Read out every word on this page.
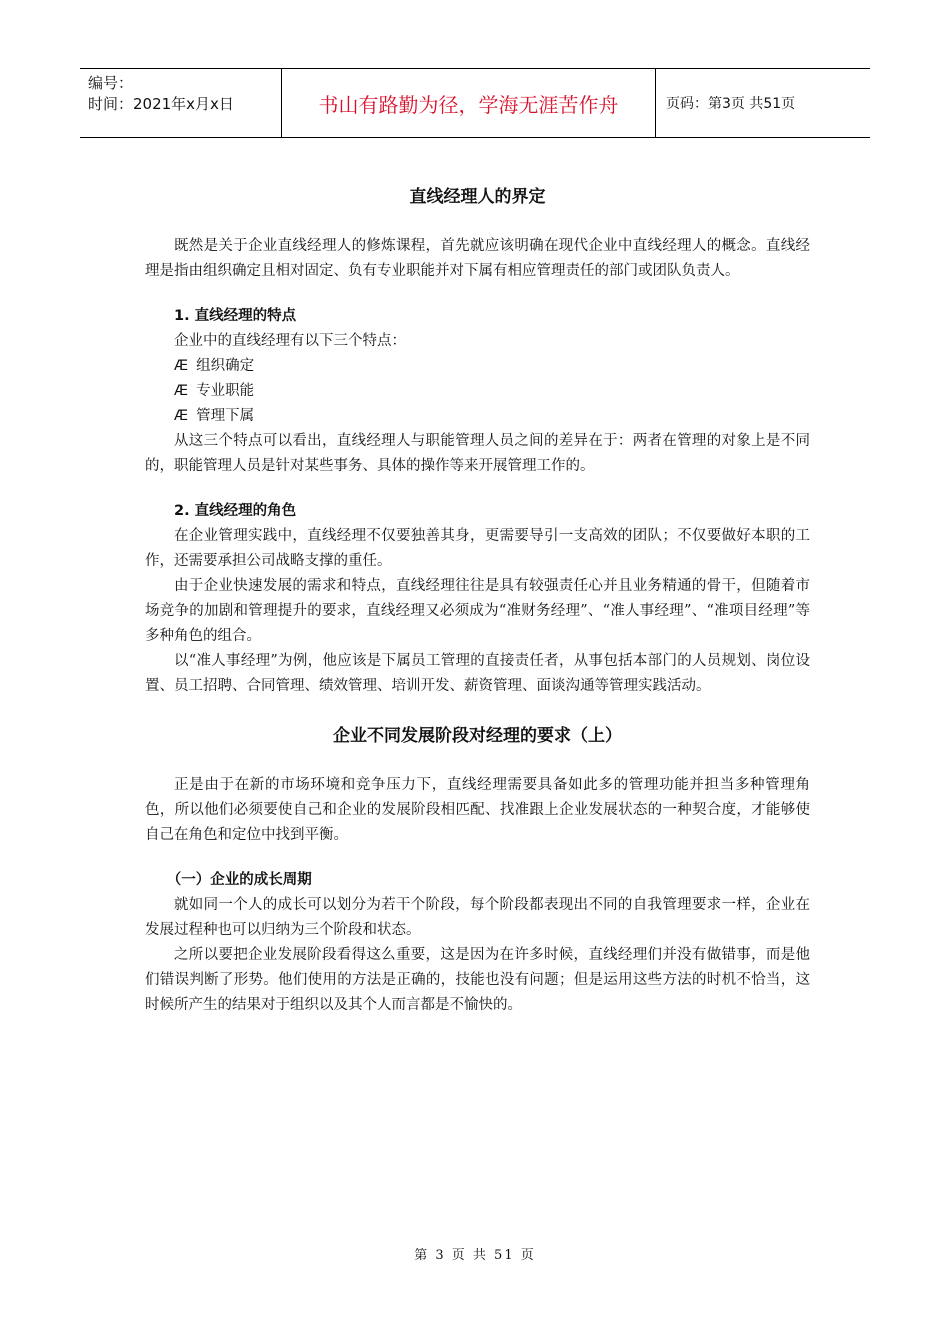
编号：
时间：2021年x月x日	书山有路勤为径，学海无涯苦作舟	页码：第3页 共51页
直线经理人的界定

既然是关于企业直线经理人的修炼课程，首先就应该明确在现代企业中直线经理人的概念。直线经理是指由组织确定且相对固定、负有专业职能并对下属有相应管理责任的部门或团队负责人。

1. 直线经理的特点

企业中的直线经理有以下三个特点：

Æ 组织确定

Æ 专业职能

Æ 管理下属

从这三个特点可以看出，直线经理人与职能管理人员之间的差异在于：两者在管理的对象上是不同的，职能管理人员是针对某些事务、具体的操作等来开展管理工作的。

2. 直线经理的角色

在企业管理实践中，直线经理不仅要独善其身，更需要导引一支高效的团队；不仅要做好本职的工作，还需要承担公司战略支撑的重任。

由于企业快速发展的需求和特点，直线经理往往是具有较强责任心并且业务精通的骨干，但随着市场竞争的加剧和管理提升的要求，直线经理又必须成为“准财务经理”、“准人事经理”、“准项目经理”等多种角色的组合。

以“准人事经理”为例，他应该是下属员工管理的直接责任者，从事包括本部门的人员规划、岗位设置、员工招聘、合同管理、绩效管理、培训开发、薪资管理、面谈沟通等管理实践活动。

企业不同发展阶段对经理的要求（上）

正是由于在新的市场环境和竞争压力下，直线经理需要具备如此多的管理功能并担当多种管理角色，所以他们必须要使自己和企业的发展阶段相匹配、找准跟上企业发展状态的一种契合度，才能够使自己在角色和定位中找到平衡。

（一）企业的成长周期

就如同一个人的成长可以划分为若干个阶段，每个阶段都表现出不同的自我管理要求一样，企业在发展过程种也可以归纳为三个阶段和状态。

之所以要把企业发展阶段看得这么重要，这是因为在许多时候，直线经理们并没有做错事，而是他们错误判断了形势。他们使用的方法是正确的，技能也没有问题；但是运用这些方法的时机不恰当，这时候所产生的结果对于组织以及其个人而言都是不愉快的。

第 3 页 共 51 页
